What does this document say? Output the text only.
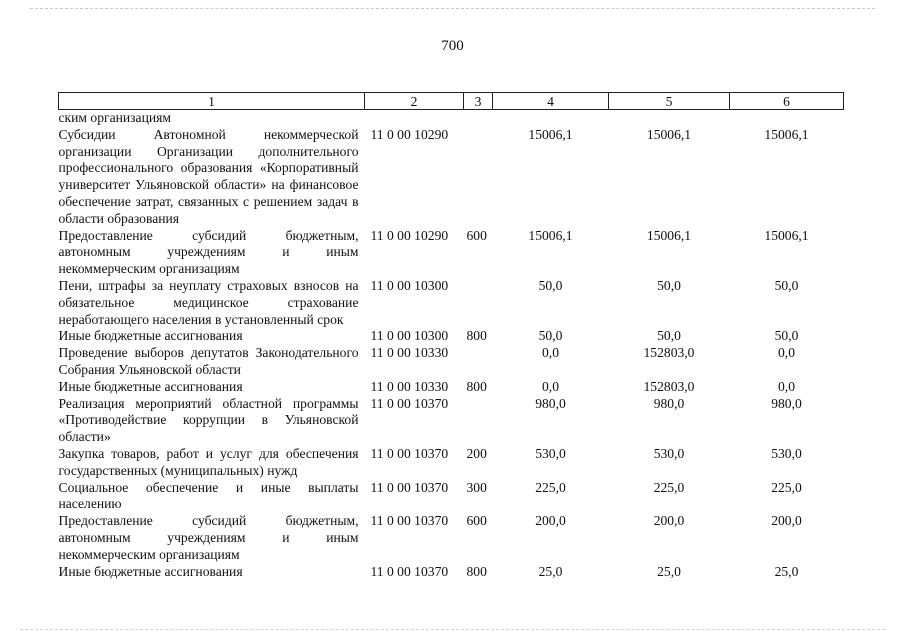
700
1	2	3	4	5	6
ским организациям					
Субсидии Автономной некоммерческой организации Организации дополнительного профессионального образования «Корпоративный университет Ульяновской области» на финансовое обеспечение затрат, связанных с решением задач в области образования	11 0 00 10290		15006,1	15006,1	15006,1
Предоставление субсидий бюджетным, автономным учреждениям и иным некоммерческим организациям	11 0 00 10290	600	15006,1	15006,1	15006,1
Пени, штрафы за неуплату страховых взносов на обязательное медицинское страхование неработающего населения в установленный срок	11 0 00 10300		50,0	50,0	50,0
Иные бюджетные ассигнования	11 0 00 10300	800	50,0	50,0	50,0
Проведение выборов депутатов Законодательного Собрания Ульяновской области	11 0 00 10330		0,0	152803,0	0,0
Иные бюджетные ассигнования	11 0 00 10330	800	0,0	152803,0	0,0
Реализация мероприятий областной программы «Противодействие коррупции в Ульяновской области»	11 0 00 10370		980,0	980,0	980,0
Закупка товаров, работ и услуг для обеспечения государственных (муниципальных) нужд	11 0 00 10370	200	530,0	530,0	530,0
Социальное обеспечение и иные выплаты населению	11 0 00 10370	300	225,0	225,0	225,0
Предоставление субсидий бюджетным, автономным учреждениям и иным некоммерческим организациям	11 0 00 10370	600	200,0	200,0	200,0
Иные бюджетные ассигнования	11 0 00 10370	800	25,0	25,0	25,0
